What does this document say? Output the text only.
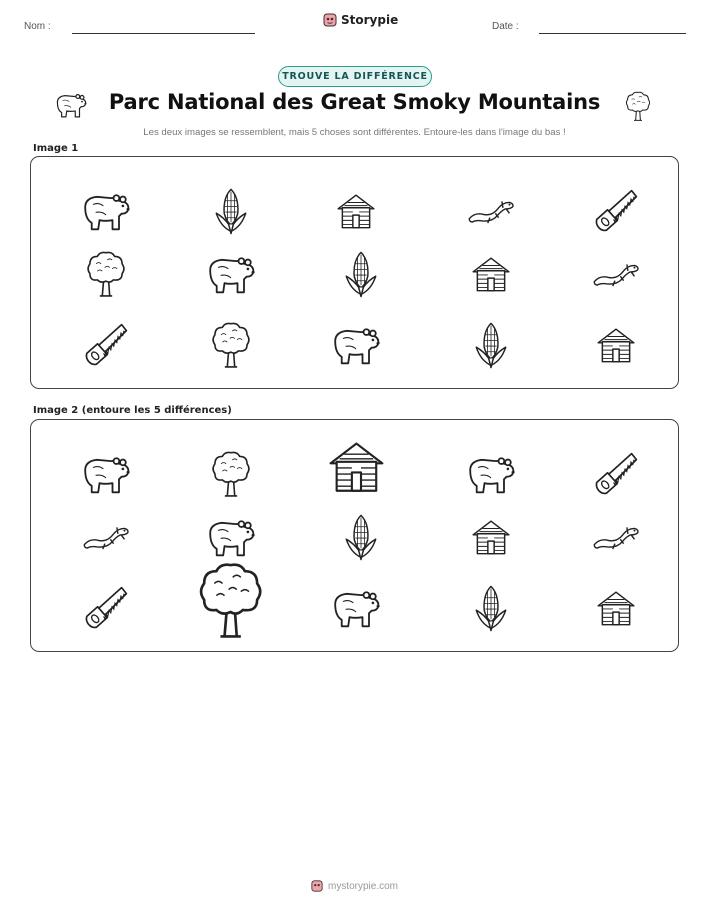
Nom :	Storypie	Date :
TROUVE LA DIFFÉRENCE
Parc National des Great Smoky Mountains
Les deux images se ressemblent, mais 5 choses sont différentes. Entoure-les dans l'image du bas !
Image 1
Image 2 (entoure les 5 différences)
mystorypie.com
